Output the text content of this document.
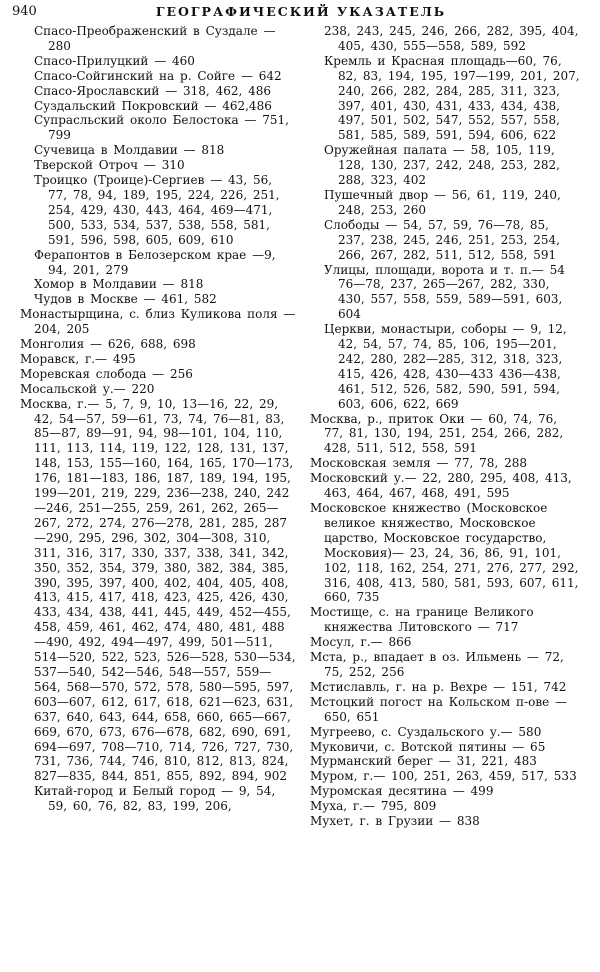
940	ГЕОГРАФИЧЕСКИЙ УКАЗАТЕЛЬ
Спасо-Преображенский в Суздале — 280
Спасо-Прилуцкий — 460
Спасо-Сойгинский на р. Сойге — 642
Спасо-Ярославский — 318, 462, 486
Суздальский Покровский — 462,486
Супрасльский около Белостока — 751, 799
Сучевица в Молдавии — 818
Тверской Отроч — 310
Троицко (Троице)-Сергиев — 43, 56, 77, 78, 94, 189, 195, 224, 226, 251, 254, 429, 430, 443, 464, 469—471, 500, 533, 534, 537, 538, 558, 581, 591, 596, 598, 605, 609, 610
Ферапонтов в Белозерском крае —9, 94, 201, 279
Хомор в Молдавии — 818
Чудов в Москве — 461, 582
Монастырщина, с. близ Куликова поля — 204, 205
Монголия — 626, 688, 698
Моравск, г.— 495
Моревская слобода — 256
Мосальской у.— 220
Москва, г.— 5, 7, 9, 10, 13—16, 22, 29, 42, 54—57, 59—61, 73, 74, 76—81, 83, 85—87, 89—91, 94, 98—101, 104, 110, 111, 113, 114, 119, 122, 128, 131, 137, 148, 153, 155—160, 164, 165, 170—173, 176, 181—183, 186, 187, 189, 194, 195, 199—201, 219, 229, 236—238, 240, 242—246, 251—255, 259, 261, 262, 265—267, 272, 274, 276—278, 281, 285, 287—290, 295, 296, 302, 304—308, 310, 311, 316, 317, 330, 337, 338, 341, 342, 350, 352, 354, 379, 380, 382, 384, 385, 390, 395, 397, 400, 402, 404, 405, 408, 413, 415, 417, 418, 423, 425, 426, 430, 433, 434, 438, 441, 445, 449, 452—455, 458, 459, 461, 462, 474, 480, 481, 488—490, 492, 494—497, 499, 501—511, 514—520, 522, 523, 526—528, 530—534, 537—540, 542—546, 548—557, 559—564, 568—570, 572, 578, 580—595, 597, 603—607, 612, 617, 618, 621—623, 631, 637, 640, 643, 644, 658, 660, 665—667, 669, 670, 673, 676—678, 682, 690, 691, 694—697, 708—710, 714, 726, 727, 730, 731, 736, 744, 746, 810, 812, 813, 824, 827—835, 844, 851, 855, 892, 894, 902
Китай-город и Белый город — 9, 54, 59, 60, 76, 82, 83, 199, 206,
238, 243, 245, 246, 266, 282, 395, 404, 405, 430, 555—558, 589, 592
Кремль и Красная площадь—60, 76, 82, 83, 194, 195, 197—199, 201, 207, 240, 266, 282, 284, 285, 311, 323, 397, 401, 430, 431, 433, 434, 438, 497, 501, 502, 547, 552, 557, 558, 581, 585, 589, 591, 594, 606, 622
Оружейная палата — 58, 105, 119, 128, 130, 237, 242, 248, 253, 282, 288, 323, 402
Пушечный двор — 56, 61, 119, 240, 248, 253, 260
Слободы — 54, 57, 59, 76—78, 85, 237, 238, 245, 246, 251, 253, 254, 266, 267, 282, 511, 512, 558, 591
Улицы, площади, ворота и т. п.— 54 76—78, 237, 265—267, 282, 330, 430, 557, 558, 559, 589—591, 603, 604
Церкви, монастыри, соборы — 9, 12, 42, 54, 57, 74, 85, 106, 195—201, 242, 280, 282—285, 312, 318, 323, 415, 426, 428, 430—433 436—438, 461, 512, 526, 582, 590, 591, 594, 603, 606, 622, 669
Москва, р., приток Оки — 60, 74, 76, 77, 81, 130, 194, 251, 254, 266, 282, 428, 511, 512, 558, 591
Московская земля — 77, 78, 288
Московский у.— 22, 280, 295, 408, 413, 463, 464, 467, 468, 491, 595
Московское княжество (Московское великое княжество, Московское царство, Московское государство, Московия)— 23, 24, 36, 86, 91, 101, 102, 118, 162, 254, 271, 276, 277, 292, 316, 408, 413, 580, 581, 593, 607, 611, 660, 735
Мостище, с. на границе Великого княжества Литовского — 717
Мосул, г.— 866
Мста, р., впадает в оз. Ильмень — 72, 75, 252, 256
Мстиславль, г. на р. Вехре — 151, 742
Мстоцкий погост на Кольском п-ове — 650, 651
Мугреево, с. Суздальского у.— 580
Муковичи, с. Вотской пятины — 65
Мурманский берег — 31, 221, 483
Муром, г.— 100, 251, 263, 459, 517, 533
Муромская десятина — 499
Муха, г.— 795, 809
Мухет, г. в Грузии — 838
